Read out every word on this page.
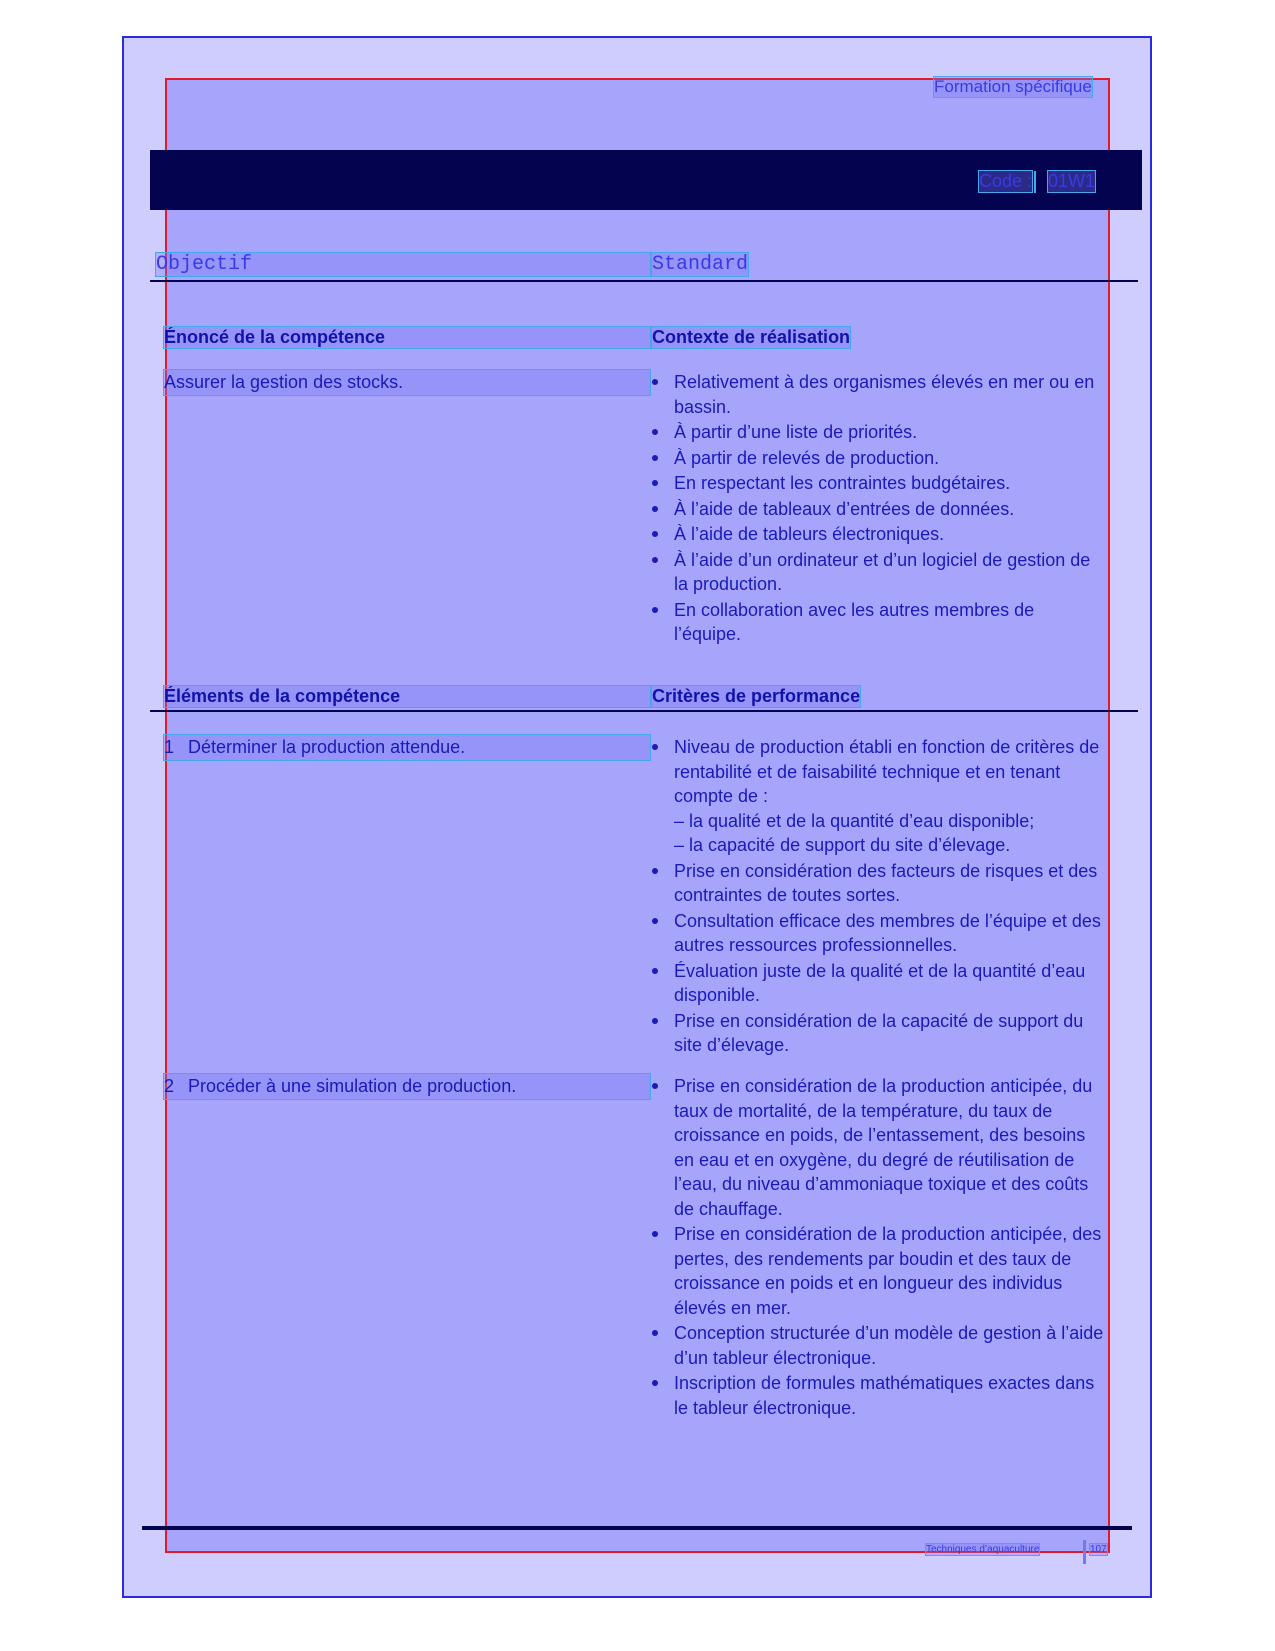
Formation spécifique
Code : 01W1
Objectif	Standard
Énoncé de la compétence	Contexte de réalisation
Assurer la gestion des stocks.	Relativement à des organismes élevés en mer ou en bassin.
À partir d’une liste de priorités.
À partir de relevés de production.
En respectant les contraintes budgétaires.
À l’aide de tableaux d’entrées de données.
À l’aide de tableurs électroniques.
À l’aide d’un ordinateur et d’un logiciel de gestion de la production.
En collaboration avec les autres membres de l’équipe.
Éléments de la compétence	Critères de performance
1 Déterminer la production attendue.	Niveau de production établi en fonction de critères de rentabilité et de faisabilité technique et en tenant compte de :
– la qualité et de la quantité d’eau disponible;
– la capacité de support du site d’élevage.
Prise en considération des facteurs de risques et des contraintes de toutes sortes.
Consultation efficace des membres de l’équipe et des autres ressources professionnelles.
Évaluation juste de la qualité et de la quantité d’eau disponible.
Prise en considération de la capacité de support du site d’élevage.
2 Procéder à une simulation de production.	Prise en considération de la production anticipée, du taux de mortalité, de la température, du taux de croissance en poids, de l’entassement, des besoins en eau et en oxygène, du degré de réutilisation de l’eau, du niveau d’ammoniaque toxique et des coûts de chauffage.
Prise en considération de la production anticipée, des pertes, des rendements par boudin et des taux de croissance en poids et en longueur des individus élevés en mer.
Conception structurée d’un modèle de gestion à l’aide d’un tableur électronique.
Inscription de formules mathématiques exactes dans le tableur électronique.
Techniques d’aquaculture	107
